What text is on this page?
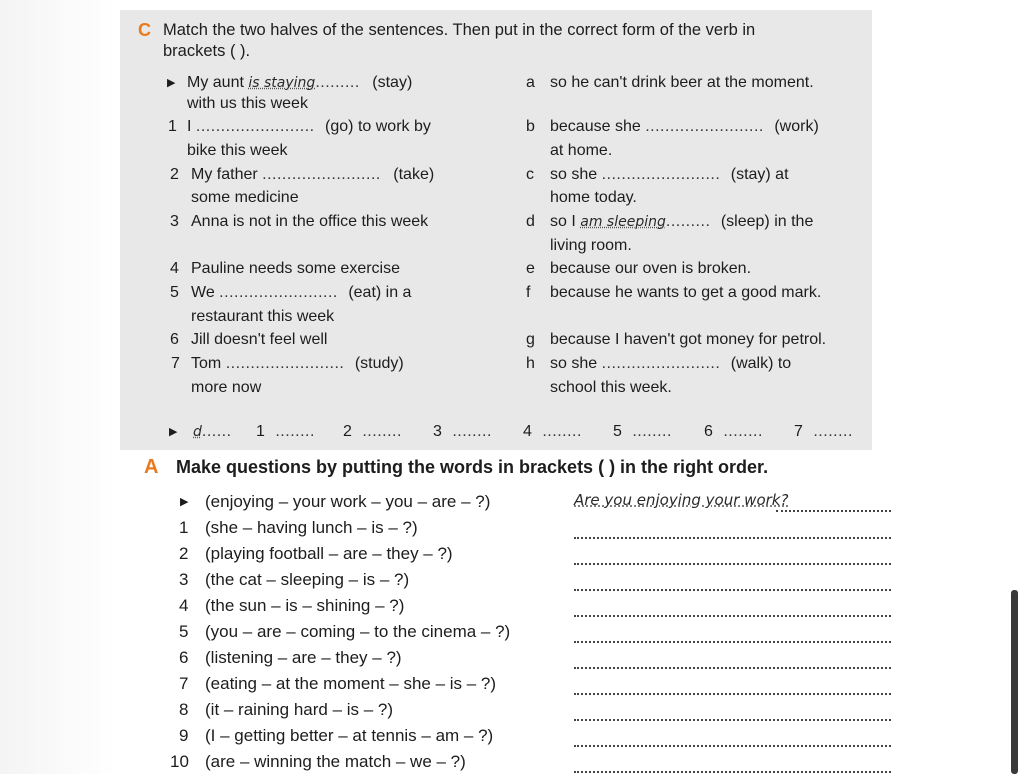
C Match the two halves of the sentences. Then put in the correct form of the verb in
brackets ( ).
▶ My aunt is staying......... (stay)
with us this week
1 I ........................ (go) to work by
bike this week
2 My father ........................ (take)
some medicine
3 Anna is not in the office this week
4 Pauline needs some exercise
5 We ........................ (eat) in a
restaurant this week
6 Jill doesn't feel well
7 Tom ........................ (study)
more now
a so he can't drink beer at the moment.
b because she ........................ (work)
at home.
c so she ........................ (stay) at
home today.
d so I am sleeping......... (sleep) in the
living room.
e because our oven is broken.
f because he wants to get a good mark.
g because I haven't got money for petrol.
h so she ........................ (walk) to
school this week.
▶ d...... 1 ........ 2 ........ 3 ........ 4 ........ 5 ........ 6 ........ 7 ........
A Make questions by putting the words in brackets ( ) in the right order.
▶ (enjoying – your work – you – are – ?)	Are you enjoying your work?
1 (she – having lunch – is – ?)
2 (playing football – are – they – ?)
3 (the cat – sleeping – is – ?)
4 (the sun – is – shining – ?)
5 (you – are – coming – to the cinema – ?)
6 (listening – are – they – ?)
7 (eating – at the moment – she – is – ?)
8 (it – raining hard – is – ?)
9 (I – getting better – at tennis – am – ?)
10 (are – winning the match – we – ?)
